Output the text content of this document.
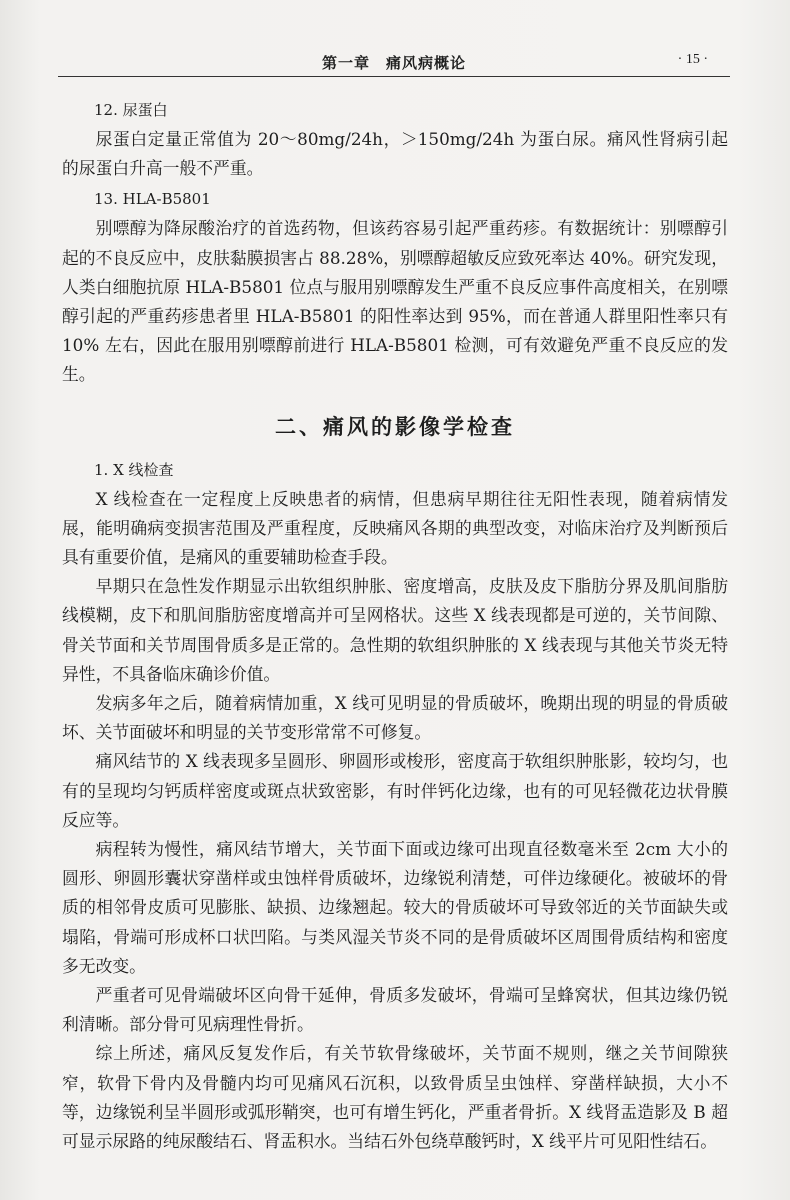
第一章　痛风病概论	· 15 ·
12. 尿蛋白

尿蛋白定量正常值为 20～80mg/24h，＞150mg/24h 为蛋白尿。痛风性肾病引起的尿蛋白升高一般不严重。

13. HLA-B5801

别嘌醇为降尿酸治疗的首选药物，但该药容易引起严重药疹。有数据统计：别嘌醇引起的不良反应中，皮肤黏膜损害占 88.28%，别嘌醇超敏反应致死率达 40%。研究发现，人类白细胞抗原 HLA-B5801 位点与服用别嘌醇发生严重不良反应事件高度相关，在别嘌醇引起的严重药疹患者里 HLA-B5801 的阳性率达到 95%，而在普通人群里阳性率只有 10% 左右，因此在服用别嘌醇前进行 HLA-B5801 检测，可有效避免严重不良反应的发生。

二、痛风的影像学检查
1. X 线检查

X 线检查在一定程度上反映患者的病情，但患病早期往往无阳性表现，随着病情发展，能明确病变损害范围及严重程度，反映痛风各期的典型改变，对临床治疗及判断预后具有重要价值，是痛风的重要辅助检查手段。

早期只在急性发作期显示出软组织肿胀、密度增高，皮肤及皮下脂肪分界及肌间脂肪线模糊，皮下和肌间脂肪密度增高并可呈网格状。这些 X 线表现都是可逆的，关节间隙、骨关节面和关节周围骨质多是正常的。急性期的软组织肿胀的 X 线表现与其他关节炎无特异性，不具备临床确诊价值。

发病多年之后，随着病情加重，X 线可见明显的骨质破坏，晚期出现的明显的骨质破坏、关节面破坏和明显的关节变形常常不可修复。

痛风结节的 X 线表现多呈圆形、卵圆形或梭形，密度高于软组织肿胀影，较均匀，也有的呈现均匀钙质样密度或斑点状致密影，有时伴钙化边缘，也有的可见轻微花边状骨膜反应等。

病程转为慢性，痛风结节增大，关节面下面或边缘可出现直径数毫米至 2cm 大小的圆形、卵圆形囊状穿凿样或虫蚀样骨质破坏，边缘锐利清楚，可伴边缘硬化。被破坏的骨质的相邻骨皮质可见膨胀、缺损、边缘翘起。较大的骨质破坏可导致邻近的关节面缺失或塌陷，骨端可形成杯口状凹陷。与类风湿关节炎不同的是骨质破坏区周围骨质结构和密度多无改变。

严重者可见骨端破坏区向骨干延伸，骨质多发破坏，骨端可呈蜂窝状，但其边缘仍锐利清晰。部分骨可见病理性骨折。

综上所述，痛风反复发作后，有关节软骨缘破坏，关节面不规则，继之关节间隙狭窄，软骨下骨内及骨髓内均可见痛风石沉积，以致骨质呈虫蚀样、穿凿样缺损，大小不等，边缘锐利呈半圆形或弧形鞘突，也可有增生钙化，严重者骨折。X 线肾盂造影及 B 超可显示尿路的纯尿酸结石、肾盂积水。当结石外包绕草酸钙时，X 线平片可见阳性结石。
